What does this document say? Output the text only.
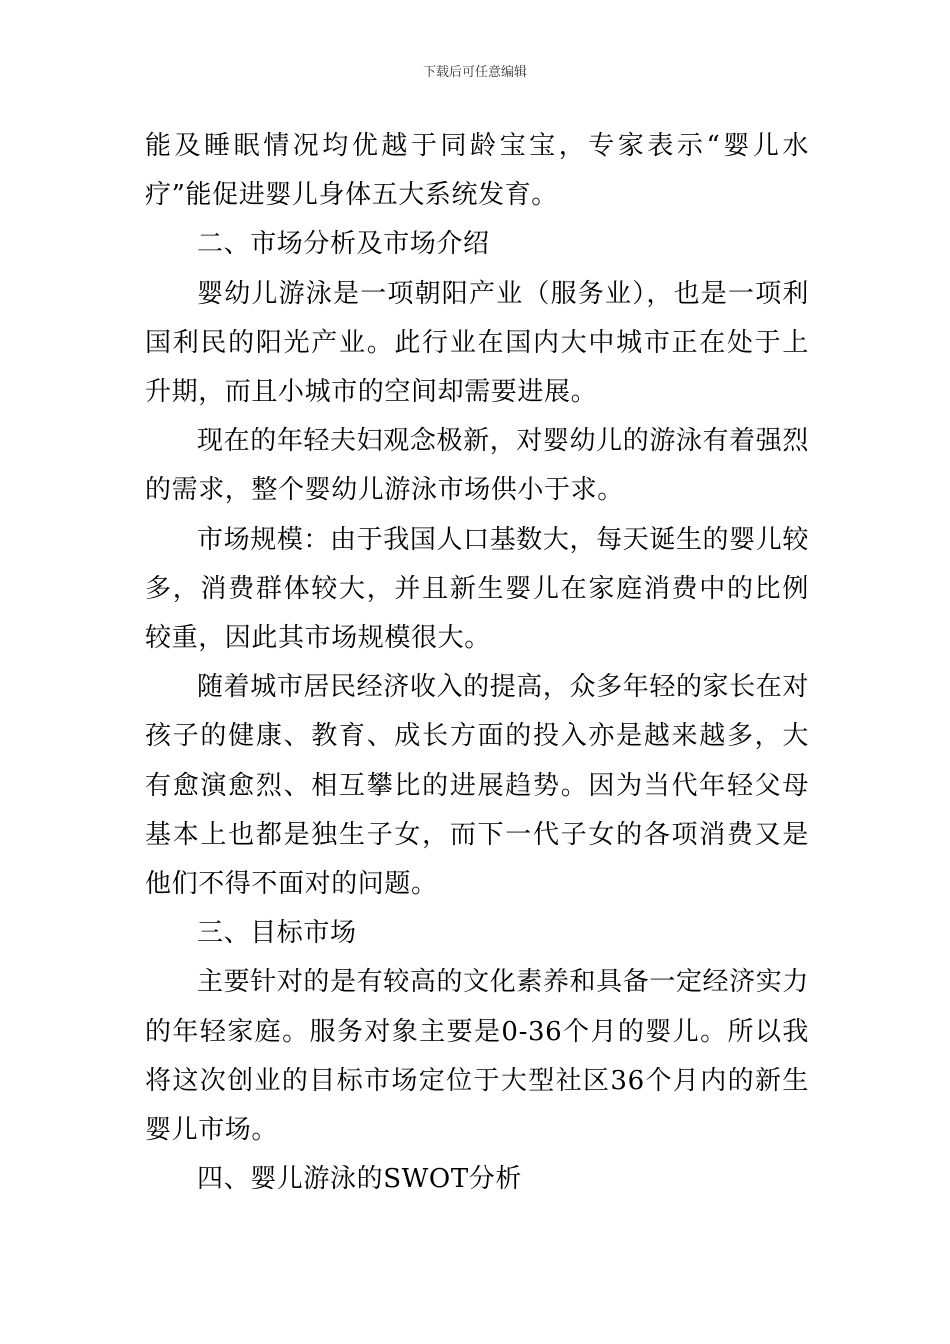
下载后可任意编辑

能及睡眠情况均优越于同龄宝宝，专家表示“婴儿水疗”能促进婴儿身体五大系统发育。

二、市场分析及市场介绍

婴幼儿游泳是一项朝阳产业（服务业），也是一项利国利民的阳光产业。此行业在国内大中城市正在处于上升期，而且小城市的空间却需要进展。

现在的年轻夫妇观念极新，对婴幼儿的游泳有着强烈的需求，整个婴幼儿游泳市场供小于求。

市场规模：由于我国人口基数大，每天诞生的婴儿较多，消费群体较大，并且新生婴儿在家庭消费中的比例较重，因此其市场规模很大。

随着城市居民经济收入的提高，众多年轻的家长在对孩子的健康、教育、成长方面的投入亦是越来越多，大有愈演愈烈、相互攀比的进展趋势。因为当代年轻父母基本上也都是独生子女，而下一代子女的各项消费又是他们不得不面对的问题。

三、目标市场

主要针对的是有较高的文化素养和具备一定经济实力的年轻家庭。服务对象主要是0-36个月的婴儿。所以我将这次创业的目标市场定位于大型社区36个月内的新生婴儿市场。

四、婴儿游泳的SWOT分析
